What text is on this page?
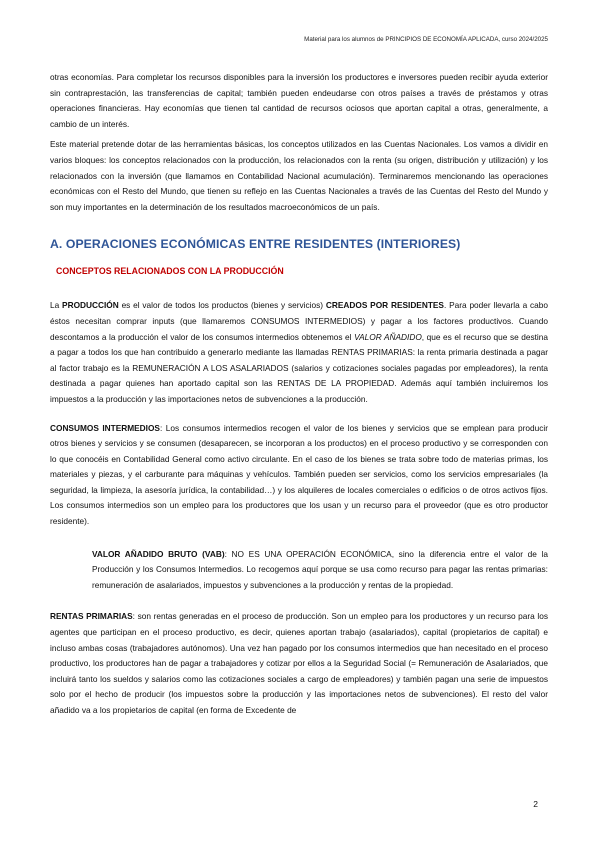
Material para los alumnos de PRINCIPIOS DE ECONOMÍA APLICADA, curso 2024/2025

otras economías. Para completar los recursos disponibles para la inversión los productores e inversores pueden recibir ayuda exterior sin contraprestación, las transferencias de capital; también pueden endeudarse con otros países a través de préstamos y otras operaciones financieras. Hay economías que tienen tal cantidad de recursos ociosos que aportan capital a otras, generalmente, a cambio de un interés.

Este material pretende dotar de las herramientas básicas, los conceptos utilizados en las Cuentas Nacionales. Los vamos a dividir en varios bloques: los conceptos relacionados con la producción, los relacionados con la renta (su origen, distribución y utilización) y los relacionados con la inversión (que llamamos en Contabilidad Nacional acumulación). Terminaremos mencionando las operaciones económicas con el Resto del Mundo, que tienen su reflejo en las Cuentas Nacionales a través de las Cuentas del Resto del Mundo y son muy importantes en la determinación de los resultados macroeconómicos de un país.

A. OPERACIONES ECONÓMICAS ENTRE RESIDENTES (INTERIORES)
CONCEPTOS RELACIONADOS CON LA PRODUCCIÓN

La PRODUCCIÓN es el valor de todos los productos (bienes y servicios) CREADOS POR RESIDENTES. Para poder llevarla a cabo éstos necesitan comprar inputs (que llamaremos CONSUMOS INTERMEDIOS) y pagar a los factores productivos. Cuando descontamos a la producción el valor de los consumos intermedios obtenemos el VALOR AÑADIDO, que es el recurso que se destina a pagar a todos los que han contribuido a generarlo mediante las llamadas RENTAS PRIMARIAS: la renta primaria destinada a pagar al factor trabajo es la REMUNERACIÓN A LOS ASALARIADOS (salarios y cotizaciones sociales pagadas por empleadores), la renta destinada a pagar quienes han aportado capital son las RENTAS DE LA PROPIEDAD. Además aquí también incluiremos los impuestos a la producción y las importaciones netos de subvenciones a la producción.

CONSUMOS INTERMEDIOS: Los consumos intermedios recogen el valor de los bienes y servicios que se emplean para producir otros bienes y servicios y se consumen (desaparecen, se incorporan a los productos) en el proceso productivo y se corresponden con lo que conocéis en Contabilidad General como activo circulante. En el caso de los bienes se trata sobre todo de materias primas, los materiales y piezas, y el carburante para máquinas y vehículos. También pueden ser servicios, como los servicios empresariales (la seguridad, la limpieza, la asesoría jurídica, la contabilidad…) y los alquileres de locales comerciales o edificios o de otros activos fijos. Los consumos intermedios son un empleo para los productores que los usan y un recurso para el proveedor (que es otro productor residente).

VALOR AÑADIDO BRUTO (VAB): NO ES UNA OPERACIÓN ECONÓMICA, sino la diferencia entre el valor de la Producción y los Consumos Intermedios. Lo recogemos aquí porque se usa como recurso para pagar las rentas primarias: remuneración de asalariados, impuestos y subvenciones a la producción y rentas de la propiedad.

RENTAS PRIMARIAS: son rentas generadas en el proceso de producción. Son un empleo para los productores y un recurso para los agentes que participan en el proceso productivo, es decir, quienes aportan trabajo (asalariados), capital (propietarios de capital) e incluso ambas cosas (trabajadores autónomos). Una vez han pagado por los consumos intermedios que han necesitado en el proceso productivo, los productores han de pagar a trabajadores y cotizar por ellos a la Seguridad Social (= Remuneración de Asalariados, que incluirá tanto los sueldos y salarios como las cotizaciones sociales a cargo de empleadores) y también pagan una serie de impuestos solo por el hecho de producir (los impuestos sobre la producción y las importaciones netos de subvenciones). El resto del valor añadido va a los propietarios de capital (en forma de Excedente de

2
